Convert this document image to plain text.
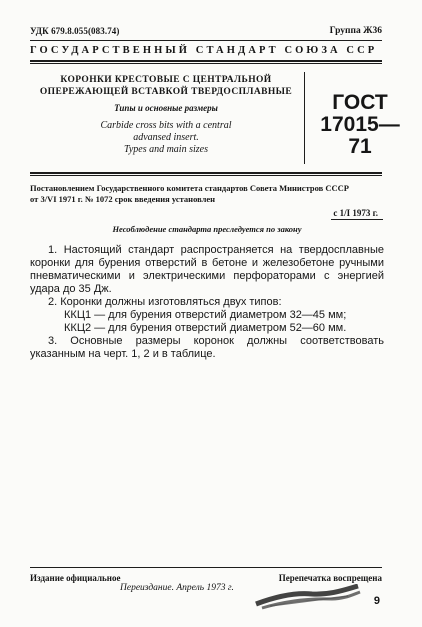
УДК 679.8.055(083.74)	Группа Ж36
ГОСУДАРСТВЕННЫЙ СТАНДАРТ СОЮЗА ССР
КОРОНКИ КРЕСТОВЫЕ С ЦЕНТРАЛЬНОЙ
ОПЕРЕЖАЮЩЕЙ ВСТАВКОЙ ТВЕРДОСПЛАВНЫЕ
Типы и основные размеры
Carbide cross bits with a central
advansed insert.
Types and main sizes
ГОСТ
17015—71
Постановлением Государственного комитета стандартов Совета Министров СССР
от 3/VI 1971 г. № 1072 срок введения установлен
с 1/I 1973 г.
Несоблюдение стандарта преследуется по закону

1. Настоящий стандарт распространяется на твердосплавные коронки для бурения отверстий в бетоне и железобетоне ручными пневматическими и электрическими перфораторами с энергией удара до 35 Дж.

2. Коронки должны изготовляться двух типов:

ККЦ1 — для бурения отверстий диаметром 32—45 мм;

ККЦ2 — для бурения отверстий диаметром 52—60 мм.

3. Основные размеры коронок должны соответствовать указанным на черт. 1, 2 и в таблице.

Издание официальное	Перепечатка воспрещена
Переиздание. Апрель 1973 г.
9
